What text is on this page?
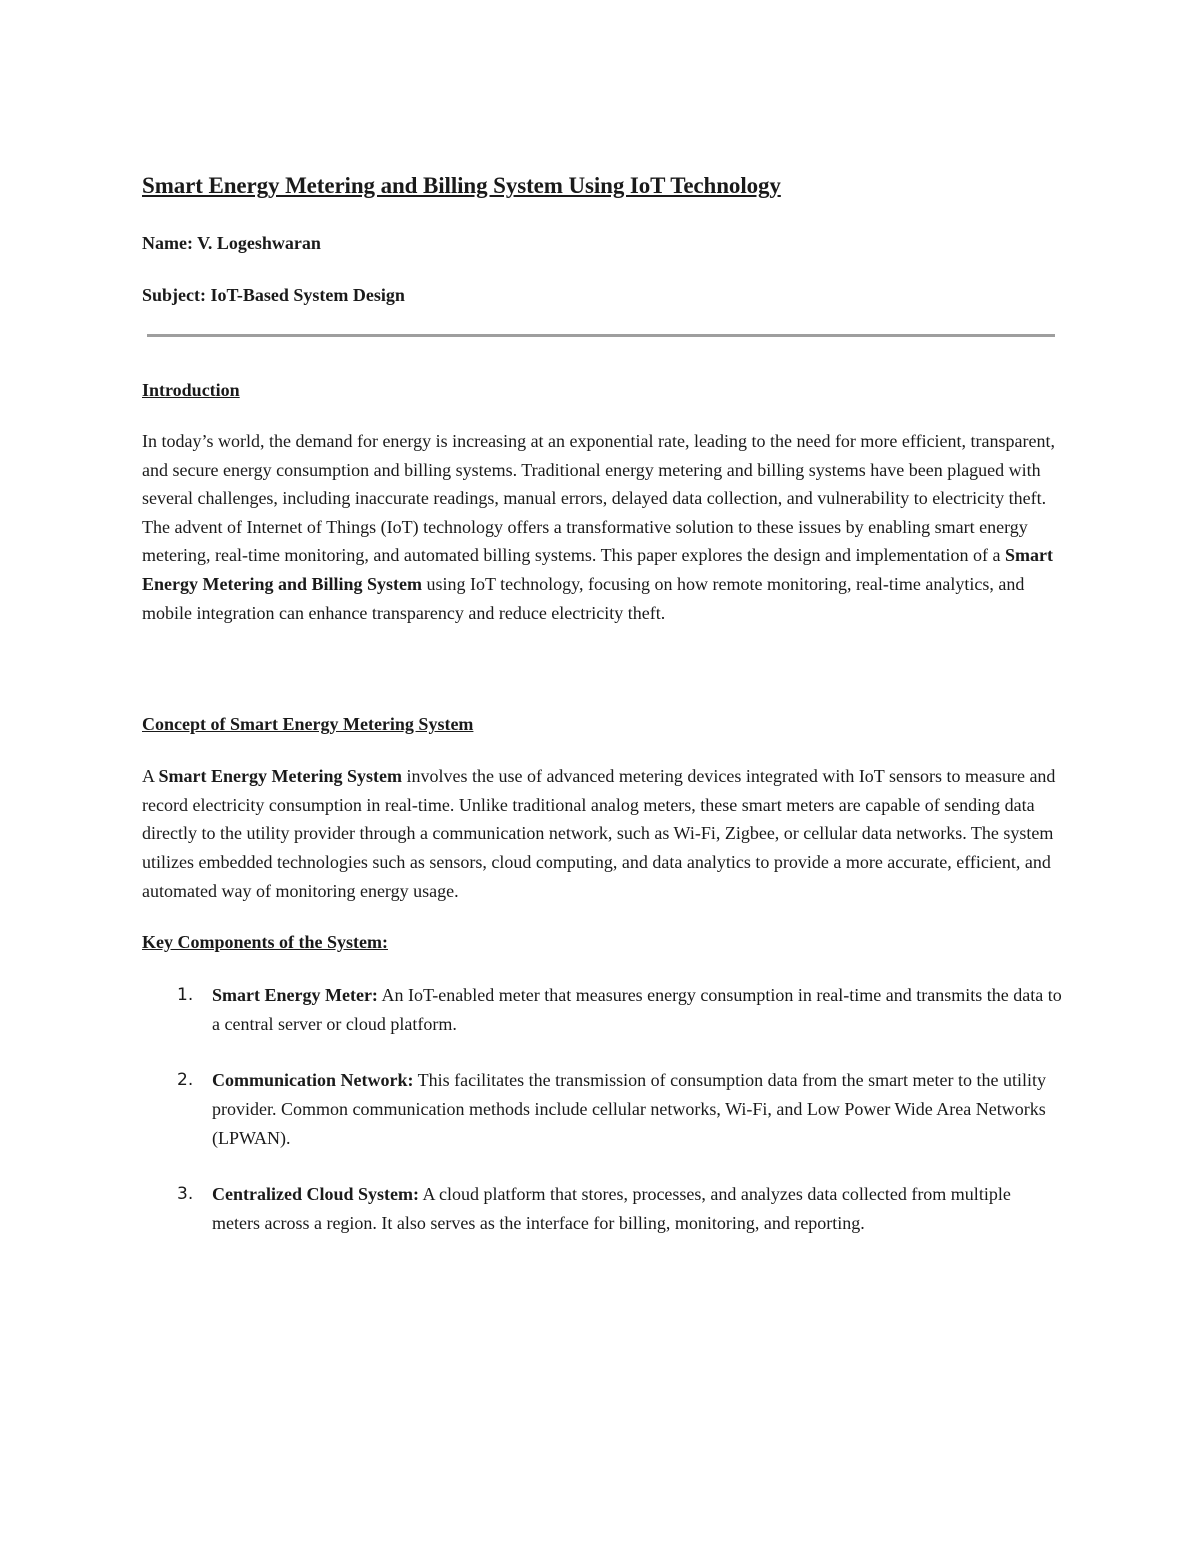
Smart Energy Metering and Billing System Using IoT Technology

Name: V. Logeshwaran

Subject: IoT-Based System Design

Introduction

In today’s world, the demand for energy is increasing at an exponential rate, leading to the need for more efficient, transparent, and secure energy consumption and billing systems. Traditional energy metering and billing systems have been plagued with several challenges, including inaccurate readings, manual errors, delayed data collection, and vulnerability to electricity theft. The advent of Internet of Things (IoT) technology offers a transformative solution to these issues by enabling smart energy metering, real-time monitoring, and automated billing systems. This paper explores the design and implementation of a Smart Energy Metering and Billing System using IoT technology, focusing on how remote monitoring, real-time analytics, and mobile integration can enhance transparency and reduce electricity theft.

Concept of Smart Energy Metering System

A Smart Energy Metering System involves the use of advanced metering devices integrated with IoT sensors to measure and record electricity consumption in real-time. Unlike traditional analog meters, these smart meters are capable of sending data directly to the utility provider through a communication network, such as Wi-Fi, Zigbee, or cellular data networks. The system utilizes embedded technologies such as sensors, cloud computing, and data analytics to provide a more accurate, efficient, and automated way of monitoring energy usage.

Key Components of the System:
1. Smart Energy Meter: An IoT-enabled meter that measures energy consumption in real-time and transmits the data to a central server or cloud platform.
2. Communication Network: This facilitates the transmission of consumption data from the smart meter to the utility provider. Common communication methods include cellular networks, Wi-Fi, and Low Power Wide Area Networks (LPWAN).
3. Centralized Cloud System: A cloud platform that stores, processes, and analyzes data collected from multiple meters across a region. It also serves as the interface for billing, monitoring, and reporting.
